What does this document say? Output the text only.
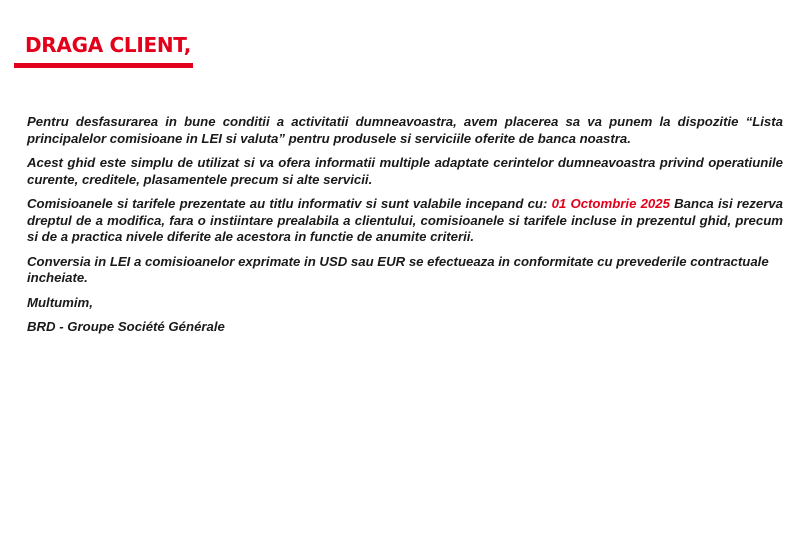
DRAGA CLIENT,

Pentru desfasurarea in bune conditii a activitatii dumneavoastra, avem placerea sa va punem la dispozitie “Lista principalelor comisioane in LEI si valuta” pentru produsele si serviciile oferite de banca noastra.

Acest ghid este simplu de utilizat si va ofera informatii multiple adaptate cerintelor dumneavoastra privind operatiunile curente, creditele, plasamentele precum si alte servicii.

Comisioanele si tarifele prezentate au titlu informativ si sunt valabile incepand cu: 01 Octombrie 2025 Banca isi rezerva dreptul de a modifica, fara o instiintare prealabila a clientului, comisioanele si tarifele incluse in prezentul ghid, precum si de a practica nivele diferite ale acestora in functie de anumite criterii.

Conversia in LEI a comisioanelor exprimate in USD sau EUR se efectueaza in conformitate cu prevederile contractuale incheiate.

Multumim,

BRD - Groupe Société Générale
